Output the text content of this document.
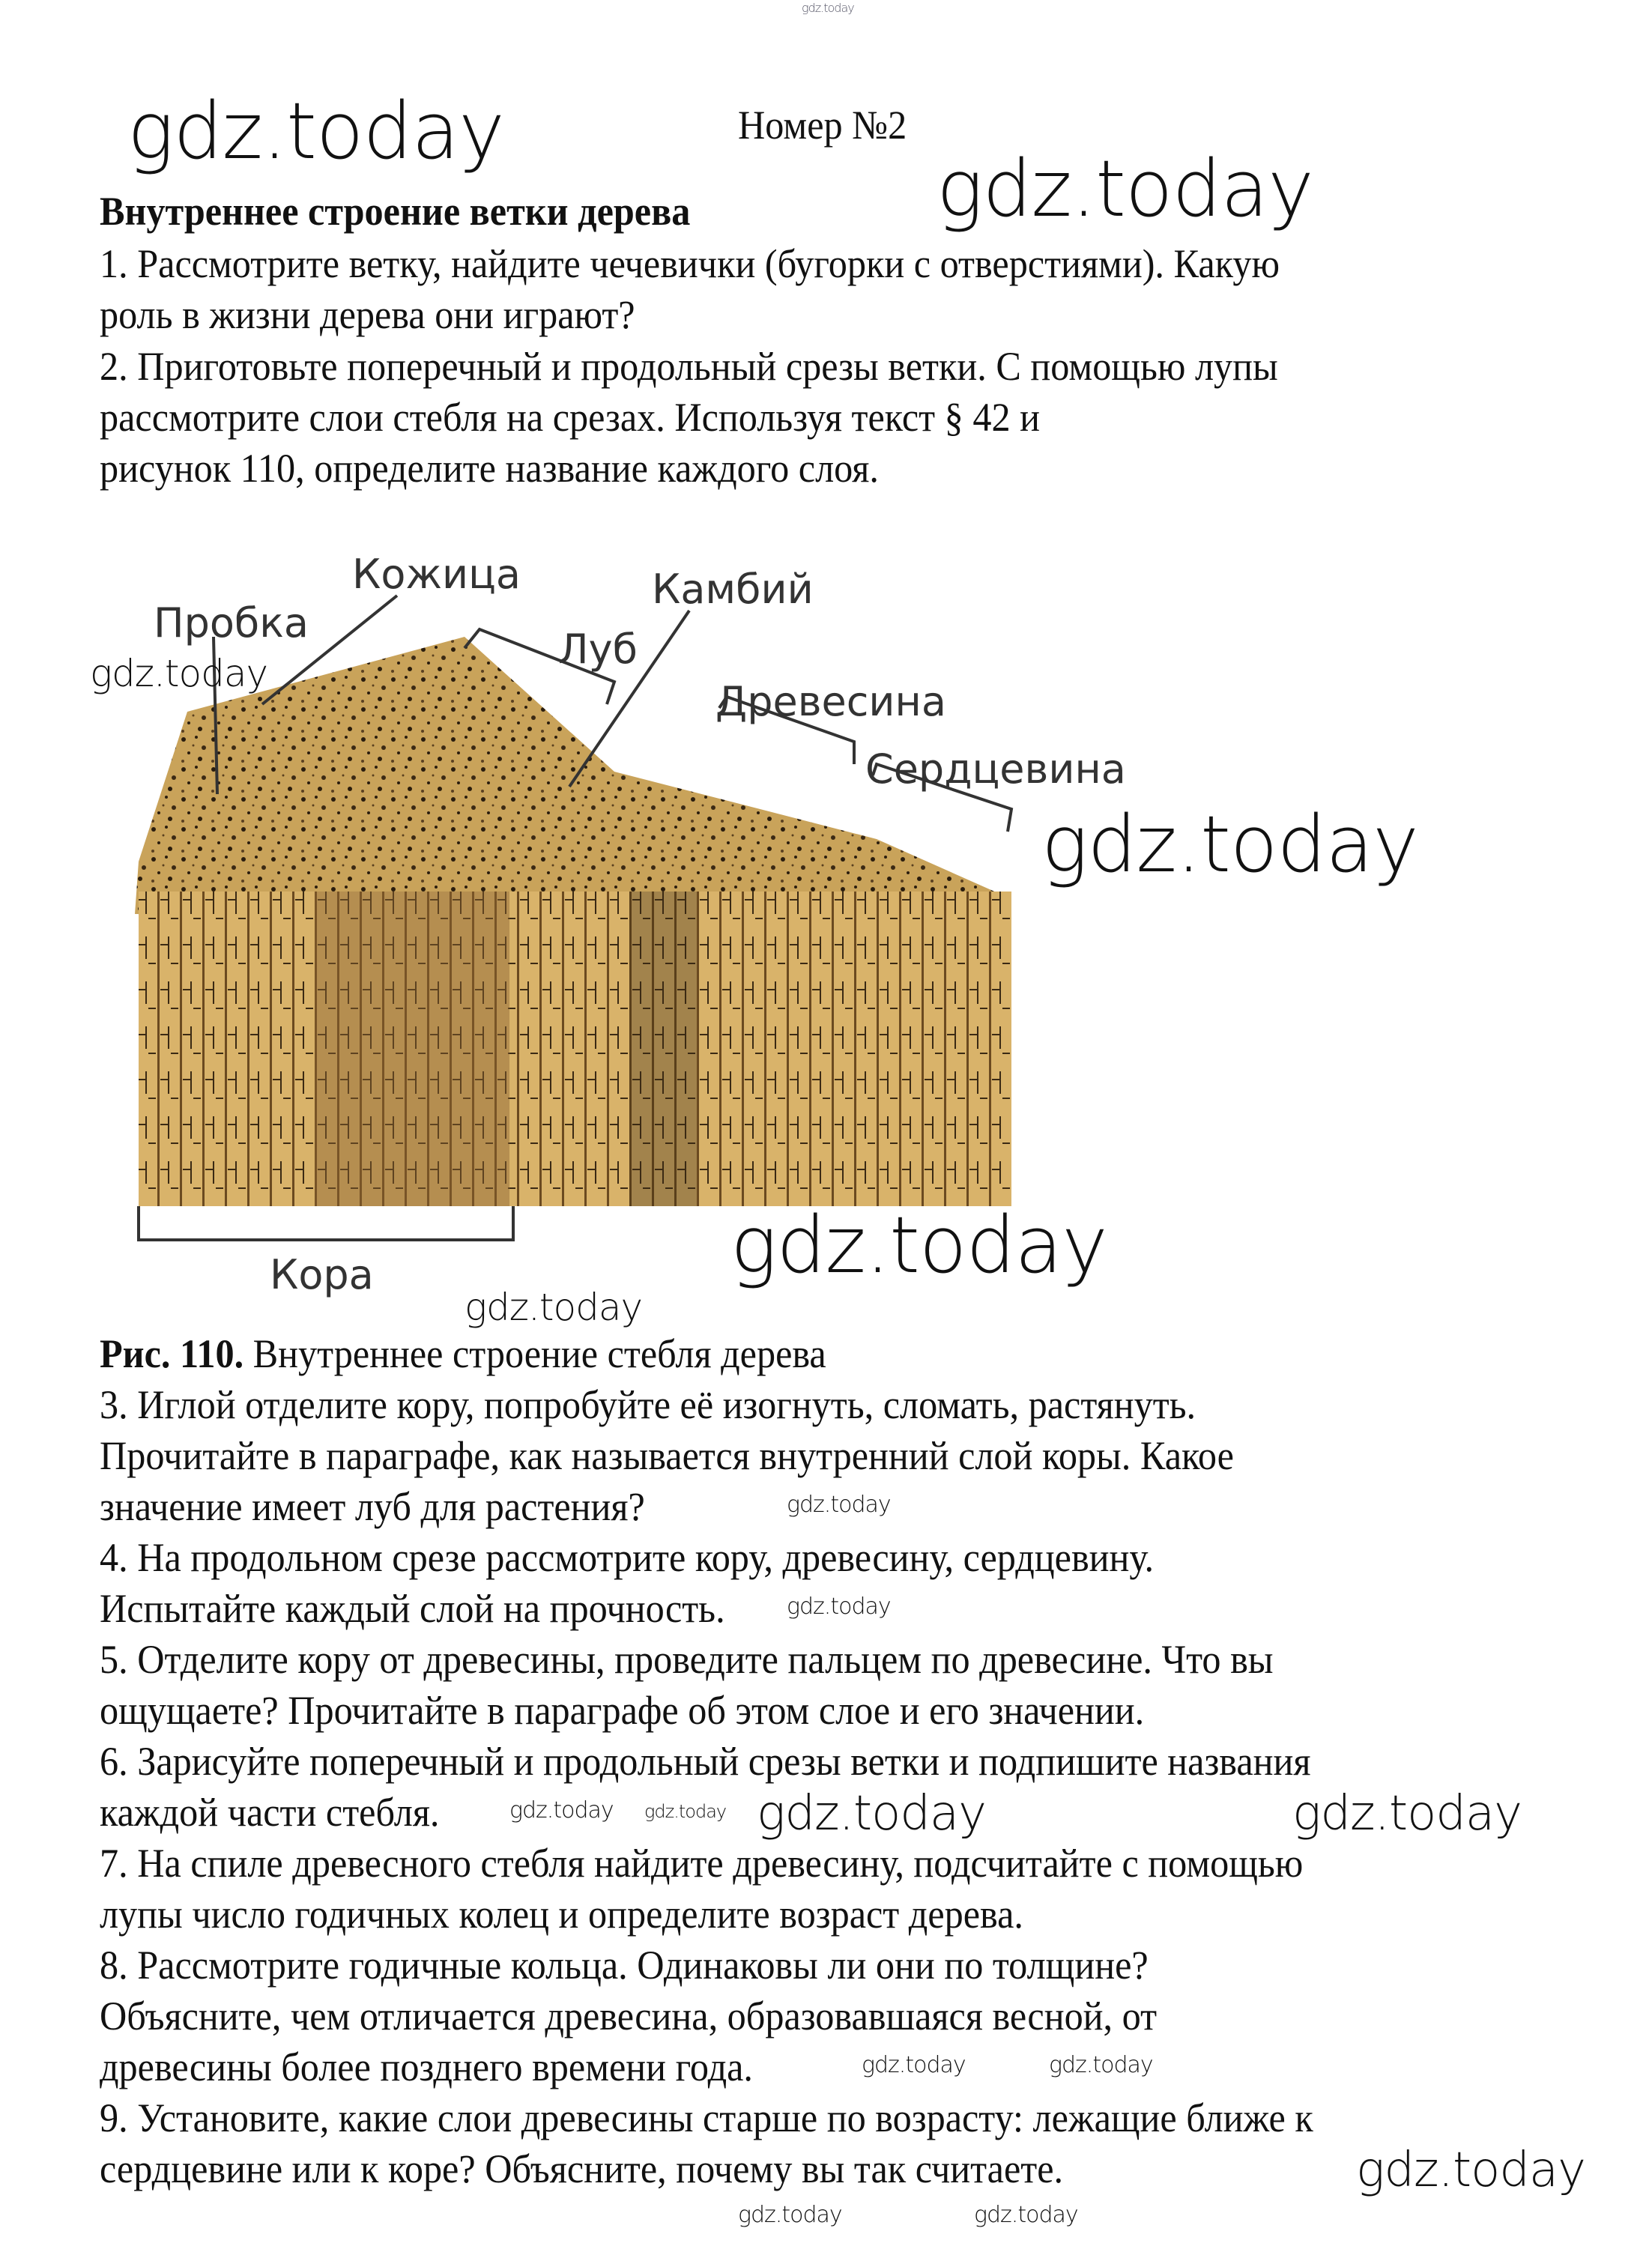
gdz.today
gdz.today
gdz.today
Номер №2
Внутреннее строение ветки дерева
1. Рассмотрите ветку, найдите чечевички (бугорки с отверстиями). Какую
роль в жизни дерева они играют?
2. Приготовьте поперечный и продольный срезы ветки. С помощью лупы
рассмотрите слои стебля на срезах. Используя текст § 42 и
рисунок 110, определите название каждого слоя.
Кожица
Пробка
Камбий
Луб
Древесина
Сердцевина
Кора
gdz.today
gdz.today
gdz.today
gdz.today
Рис. 110. Внутреннее строение стебля дерева
3. Иглой отделите кору, попробуйте её изогнуть, сломать, растянуть.
Прочитайте в параграфе, как называется внутренний слой коры. Какое
значение имеет луб для растения?
4. На продольном срезе рассмотрите кору, древесину, сердцевину.
Испытайте каждый слой на прочность.
5. Отделите кору от древесины, проведите пальцем по древесине. Что вы
ощущаете? Прочитайте в параграфе об этом слое и его значении.
6. Зарисуйте поперечный и продольный срезы ветки и подпишите названия
каждой части стебля.
7. На спиле древесного стебля найдите древесину, подсчитайте с помощью
лупы число годичных колец и определите возраст дерева.
8. Рассмотрите годичные кольца. Одинаковы ли они по толщине?
Объясните, чем отличается древесина, образовавшаяся весной, от
древесины более позднего времени года.
9. Установите, какие слои древесины старше по возрасту: лежащие ближе к
сердцевине или к коре? Объясните, почему вы так считаете.
gdz.today
gdz.today
gdz.today gdz.today gdz.today	gdz.today
gdz.today	gdz.today
gdz.today	gdz.today
gdz.today
